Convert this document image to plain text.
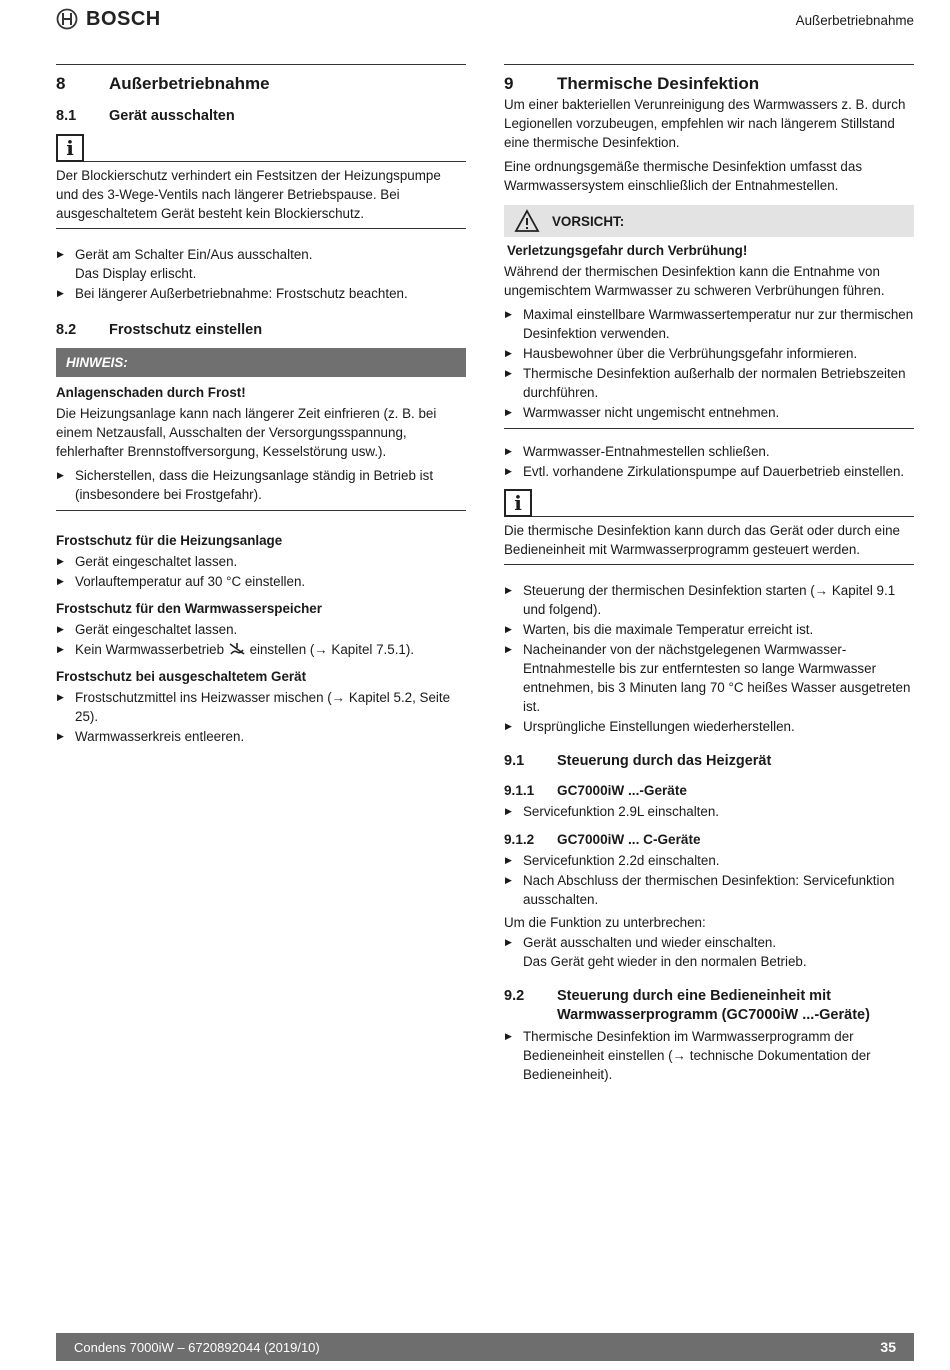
BOSCH	Außerbetriebnahme
8	Außerbetriebnahme
8.1	Gerät ausschalten
i

Der Blockierschutz verhindert ein Festsitzen der Heizungspumpe und des 3-Wege-Ventils nach längerer Betriebspause. Bei ausgeschaltetem Gerät besteht kein Blockierschutz.

▶ Gerät am Schalter Ein/Aus ausschalten.
Das Display erlischt.
▶ Bei längerer Außerbetriebnahme: Frostschutz beachten.
8.2	Frostschutz einstellen
HINWEIS:
Anlagenschaden durch Frost!

Die Heizungsanlage kann nach längerer Zeit einfrieren (z. B. bei einem Netzausfall, Ausschalten der Versorgungsspannung, fehlerhafter Brennstoffversorgung, Kesselstörung usw.).

▶ Sicherstellen, dass die Heizungsanlage ständig in Betrieb ist (insbesondere bei Frostgefahr).
Frostschutz für die Heizungsanlage
▶ Gerät eingeschaltet lassen.
▶ Vorlauftemperatur auf 30 °C einstellen.
Frostschutz für den Warmwasserspeicher
▶ Gerät eingeschaltet lassen.
▶ Kein Warmwasserbetrieb einstellen (→ Kapitel 7.5.1).
Frostschutz bei ausgeschaltetem Gerät
▶ Frostschutzmittel ins Heizwasser mischen (→ Kapitel 5.2, Seite 25).
▶ Warmwasserkreis entleeren.
9	Thermische Desinfektion

Um einer bakteriellen Verunreinigung des Warmwassers z. B. durch Legionellen vorzubeugen, empfehlen wir nach längerem Stillstand eine thermische Desinfektion.

Eine ordnungsgemäße thermische Desinfektion umfasst das Warmwassersystem einschließlich der Entnahmestellen.

VORSICHT:
Verletzungsgefahr durch Verbrühung!

Während der thermischen Desinfektion kann die Entnahme von ungemischtem Warmwasser zu schweren Verbrühungen führen.

▶ Maximal einstellbare Warmwassertemperatur nur zur thermischen Desinfektion verwenden.
▶ Hausbewohner über die Verbrühungsgefahr informieren.
▶ Thermische Desinfektion außerhalb der normalen Betriebszeiten durchführen.
▶ Warmwasser nicht ungemischt entnehmen.
▶ Warmwasser-Entnahmestellen schließen.
▶ Evtl. vorhandene Zirkulationspumpe auf Dauerbetrieb einstellen.
i

Die thermische Desinfektion kann durch das Gerät oder durch eine Bedieneinheit mit Warmwasserprogramm gesteuert werden.

▶ Steuerung der thermischen Desinfektion starten (→ Kapitel 9.1 und folgend).
▶ Warten, bis die maximale Temperatur erreicht ist.
▶ Nacheinander von der nächstgelegenen Warmwasser-Entnahmestelle bis zur entferntesten so lange Warmwasser entnehmen, bis 3 Minuten lang 70 °C heißes Wasser ausgetreten ist.
▶ Ursprüngliche Einstellungen wiederherstellen.
9.1	Steuerung durch das Heizgerät
9.1.1	GC7000iW ...-Geräte
▶ Servicefunktion 2.9L einschalten.
9.1.2	GC7000iW ... C-Geräte
▶ Servicefunktion 2.2d einschalten.
▶ Nach Abschluss der thermischen Desinfektion: Servicefunktion ausschalten.

Um die Funktion zu unterbrechen:

▶ Gerät ausschalten und wieder einschalten.
Das Gerät geht wieder in den normalen Betrieb.
9.2	Steuerung durch eine Bedieneinheit mit Warmwasserprogramm (GC7000iW ...-Geräte)
▶ Thermische Desinfektion im Warmwasserprogramm der Bedieneinheit einstellen (→ technische Dokumentation der Bedieneinheit).
Condens 7000iW – 6720892044 (2019/10)	35
